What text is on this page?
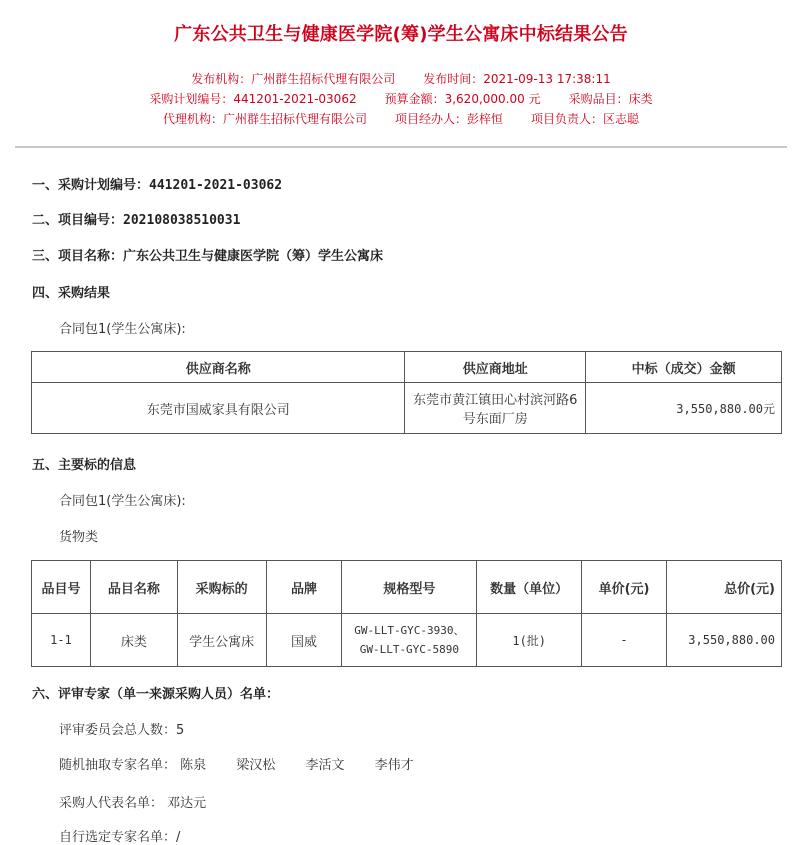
广东公共卫生与健康医学院(筹)学生公寓床中标结果公告
发布机构：广州群生招标代理有限公司 发布时间：2021-09-13 17:38:11
采购计划编号：441201-2021-03062 预算金额：3,620,000.00 元 采购品目：床类
代理机构：广州群生招标代理有限公司 项目经办人：彭梓恒 项目负责人：区志聪
一、采购计划编号：441201-2021-03062
二、项目编号：202108038510031
三、项目名称：广东公共卫生与健康医学院（筹）学生公寓床
四、采购结果
合同包1(学生公寓床):
供应商名称	供应商地址	中标（成交）金额
东莞市国威家具有限公司	东莞市黄江镇田心村滨河路6号东面厂房	3,550,880.00元
五、主要标的信息
合同包1(学生公寓床):
货物类
品目号	品目名称	采购标的	品牌	规格型号	数量（单位）	单价(元)	总价(元)
1-1	床类	学生公寓床	国威	GW-LLT-GYC-3930、
GW-LLT-GYC-5890	1(批)	-	3,550,880.00
六、评审专家（单一来源采购人员）名单：
评审委员会总人数：5
随机抽取专家名单： 陈泉 梁汉松 李活文 李伟才
采购人代表名单： 邓达元
自行选定专家名单：/
